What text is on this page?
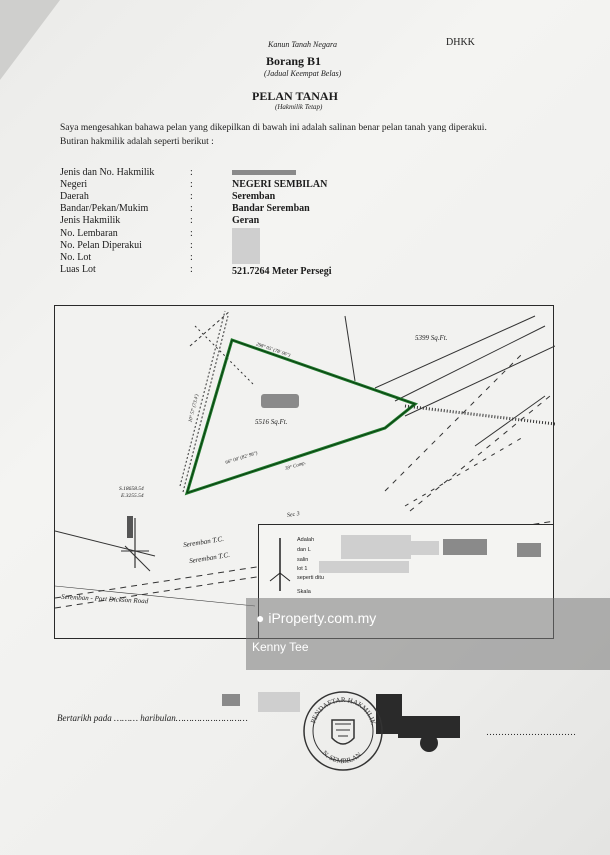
Kanun Tanah Negara	DHKK
Borang B1
(Jadual Keempat Belas)
PELAN TANAH
(Hakmilik Tetap)
Saya mengesahkan bahawa pelan yang dikepilkan di bawah ini adalah salinan benar pelan tanah yang diperakui.
Butiran hakmilik adalah seperti berikut :
Jenis dan No. Hakmilik
Negeri
Daerah
Bandar/Pekan/Mukim
Jenis Hakmilik
No. Lembaran
No. Pelan Diperakui
No. Lot
Luas Lot
:
:
:
:
:
:
:
:
:
NEGERI SEMBILAN
Seremban
Bandar Seremban
Geran
521.7264 Meter Persegi
5516 Sq.Ft.
5399 Sq.Ft.
298° 05' (78' 06")
66° 00' (82' 98")
10° 57' (73.4')
39° Comp.
S.18658.54
E.3255.54
Seremban T.C.
Seremban T.C.
Seremban - Port Dickson Road
Sec 3
Adalah
dan L
salin
lot 1
seperti ditu
Skala
● iProperty.com.my
Kenny Tee
Bertarikh pada ……… haribulan………………………
…………………………
PENDAFTAR HAKMILIK
N. SEMBILAN
